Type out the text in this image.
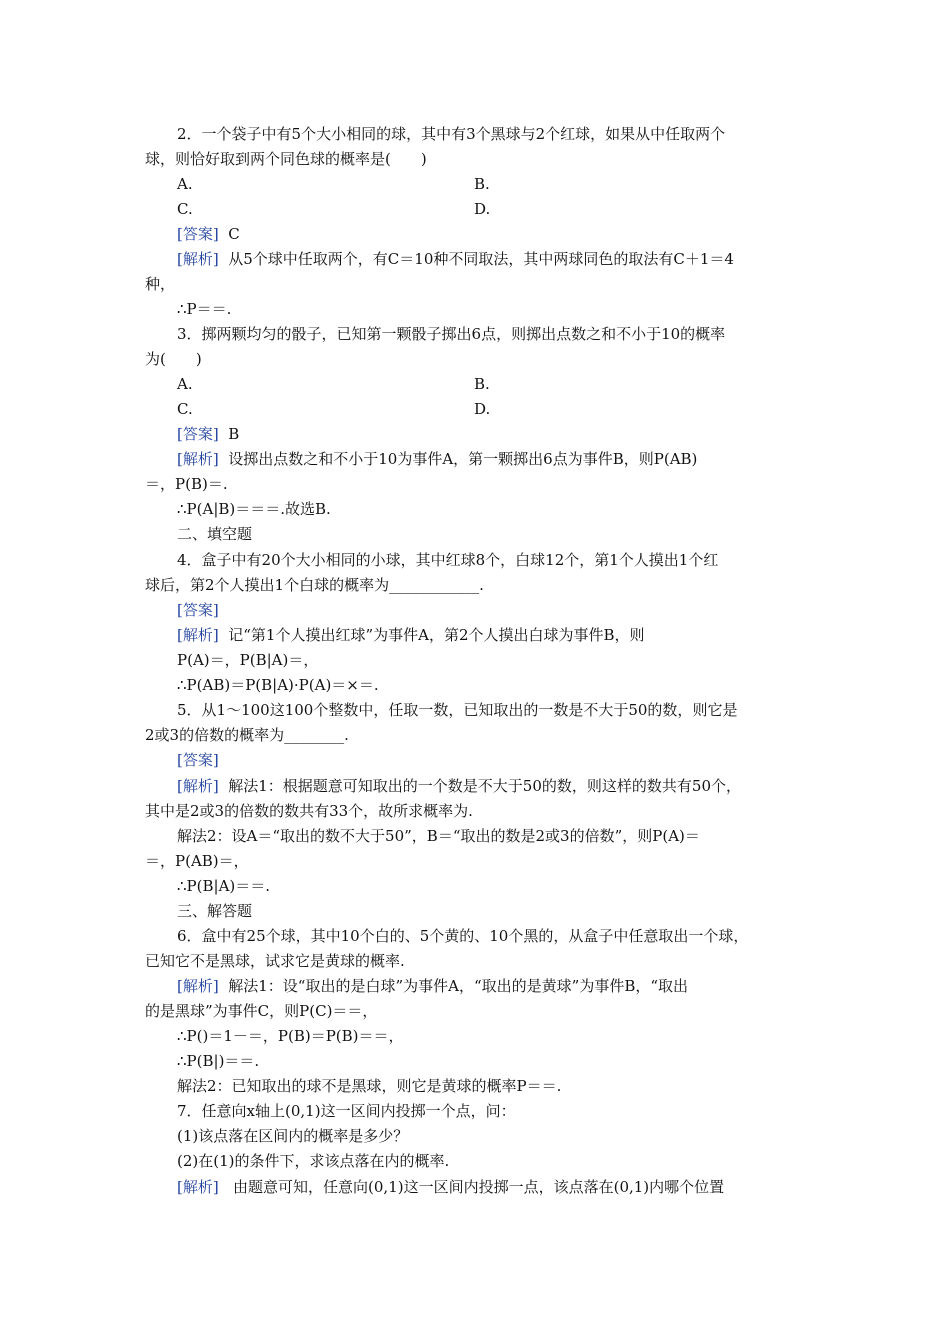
2．一个袋子中有5个大小相同的球，其中有3个黑球与2个红球，如果从中任取两个
球，则恰好取到两个同色球的概率是(　　)
A.	B.
C.	D.
[答案] C
[解析] 从5个球中任取两个，有C＝10种不同取法，其中两球同色的取法有C＋1＝4
种，
∴P＝＝.
3．掷两颗均匀的骰子，已知第一颗骰子掷出6点，则掷出点数之和不小于10的概率
为(　　)
A.	B.
C.	D.
[答案] B
[解析] 设掷出点数之和不小于10为事件A，第一颗掷出6点为事件B，则P(AB)
＝，P(B)＝.
∴P(A|B)＝＝＝.故选B.
二、填空题
4．盒子中有20个大小相同的小球，其中红球8个，白球12个，第1个人摸出1个红
球后，第2个人摸出1个白球的概率为____________.
[答案]
[解析] 记“第1个人摸出红球”为事件A，第2个人摸出白球为事件B，则
P(A)＝，P(B|A)＝，
∴P(AB)＝P(B|A)·P(A)＝×＝.
5．从1～100这100个整数中，任取一数，已知取出的一数是不大于50的数，则它是
2或3的倍数的概率为________.
[答案]
[解析] 解法1：根据题意可知取出的一个数是不大于50的数，则这样的数共有50个，
其中是2或3的倍数的数共有33个，故所求概率为.
解法2：设A＝“取出的数不大于50”，B＝“取出的数是2或3的倍数”，则P(A)＝
＝，P(AB)＝，
∴P(B|A)＝＝.
三、解答题
6．盒中有25个球，其中10个白的、5个黄的、10个黑的，从盒子中任意取出一个球，
已知它不是黑球，试求它是黄球的概率.
[解析] 解法1：设“取出的是白球”为事件A，“取出的是黄球”为事件B，“取出
的是黑球”为事件C，则P(C)＝＝，
∴P()＝1－＝，P(B)＝P(B)＝＝，
∴P(B|)＝＝.
解法2：已知取出的球不是黑球，则它是黄球的概率P＝＝.
7．任意向x轴上(0,1)这一区间内投掷一个点，问：
(1)该点落在区间内的概率是多少？
(2)在(1)的条件下，求该点落在内的概率.
[解析] 由题意可知，任意向(0,1)这一区间内投掷一点，该点落在(0,1)内哪个位置
